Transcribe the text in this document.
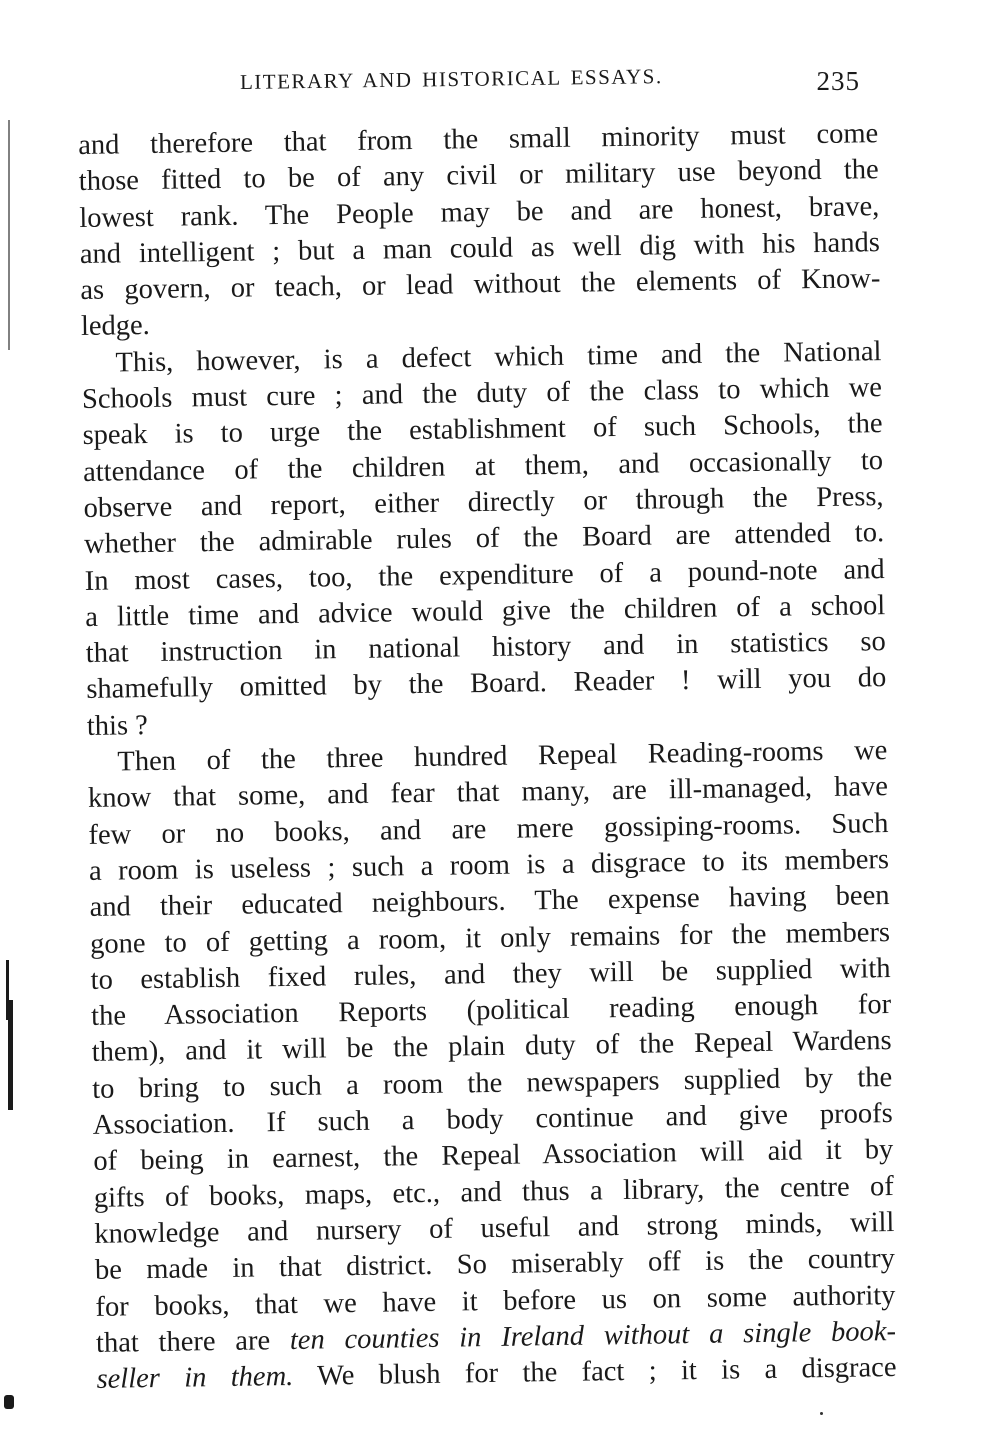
LITERARY AND HISTORICAL ESSAYS.	235
and therefore that from the small minority must come
those fitted to be of any civil or military use beyond the
lowest rank. The People may be and are honest, brave,
and intelligent ; but a man could as well dig with his hands
as govern, or teach, or lead without the elements of Know-
ledge.
This, however, is a defect which time and the National
Schools must cure ; and the duty of the class to which we
speak is to urge the establishment of such Schools, the
attendance of the children at them, and occasionally to
observe and report, either directly or through the Press,
whether the admirable rules of the Board are attended to.
In most cases, too, the expenditure of a pound-note and
a little time and advice would give the children of a school
that instruction in national history and in statistics so
shamefully omitted by the Board. Reader ! will you do
this ?
Then of the three hundred Repeal Reading-rooms we
know that some, and fear that many, are ill-managed, have
few or no books, and are mere gossiping-rooms. Such
a room is useless ; such a room is a disgrace to its members
and their educated neighbours. The expense having been
gone to of getting a room, it only remains for the members
to establish fixed rules, and they will be supplied with
the Association Reports (political reading enough for
them), and it will be the plain duty of the Repeal Wardens
to bring to such a room the newspapers supplied by the
Association. If such a body continue and give proofs
of being in earnest, the Repeal Association will aid it by
gifts of books, maps, etc., and thus a library, the centre of
knowledge and nursery of useful and strong minds, will
be made in that district. So miserably off is the country
for books, that we have it before us on some authority
that there are ten counties in Ireland without a single book-
seller in them. We blush for the fact ; it is a disgrace
